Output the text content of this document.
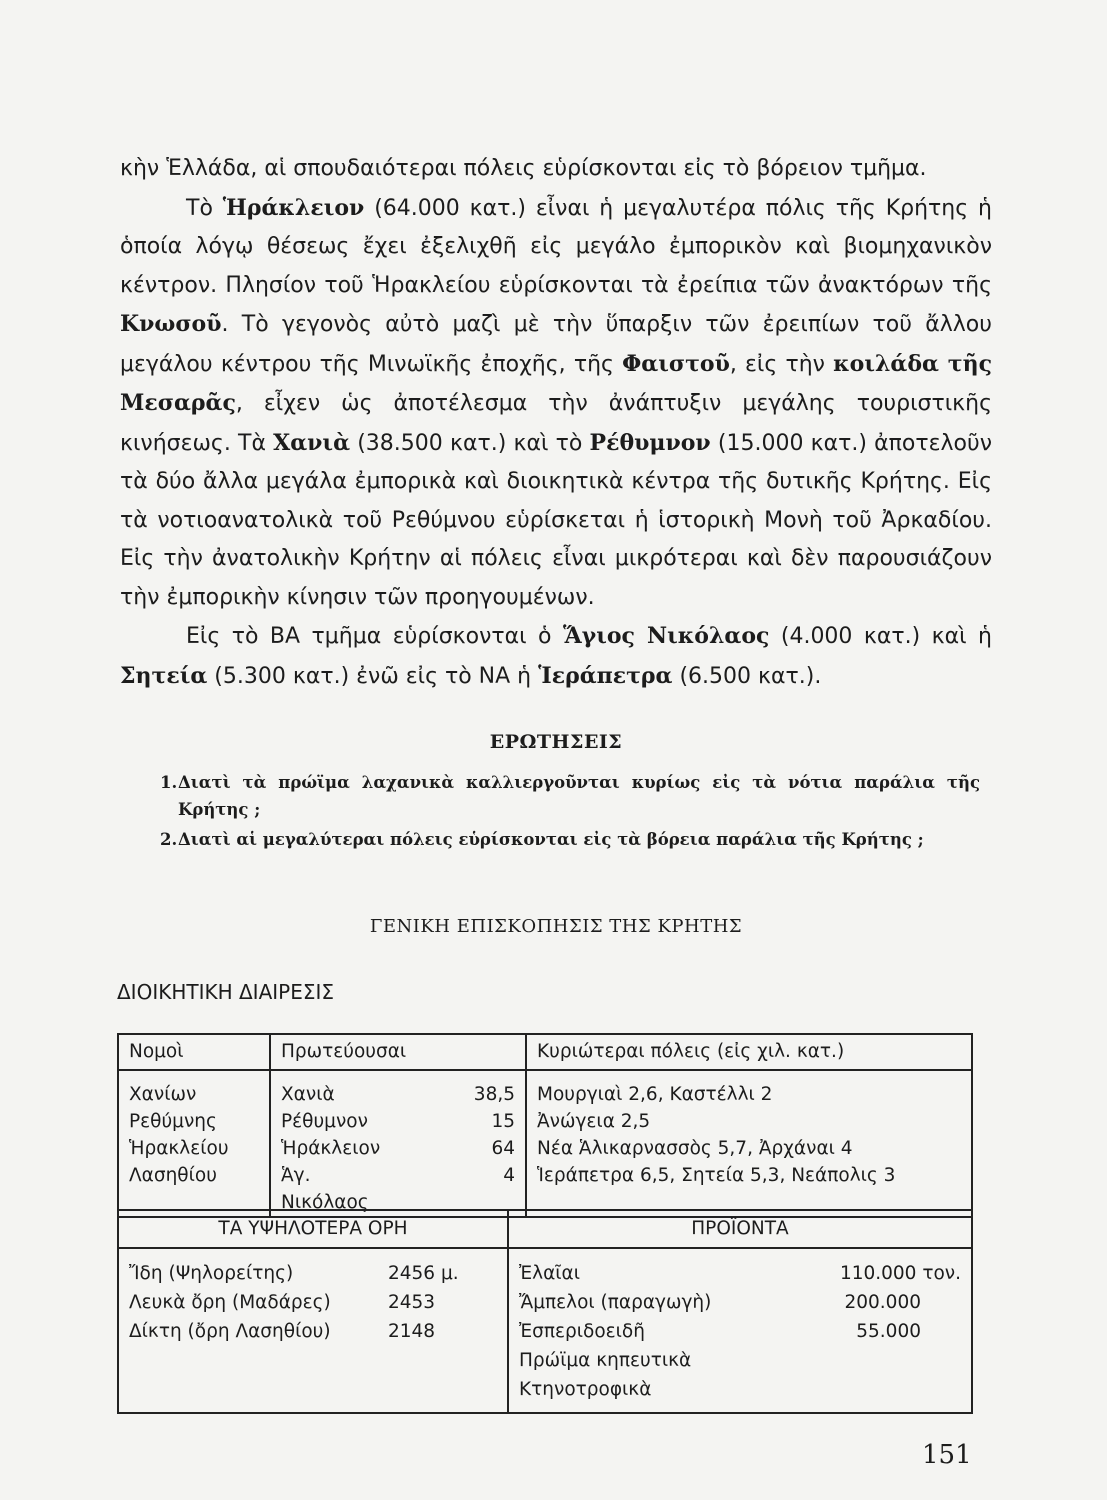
κὴν Ἑλλάδα, αἱ σπουδαιότεραι πόλεις εὑρίσκονται εἰς τὸ βόρειον τμῆμα.

Τὸ Ἡράκλειον (64.000 κατ.) εἶναι ἡ μεγαλυτέρα πόλις τῆς Κρήτης ἡ ὁποία λόγῳ θέσεως ἔχει ἐξελιχθῆ εἰς μεγάλο ἐμπορικὸν καὶ βιομηχανικὸν κέντρον. Πλησίον τοῦ Ἡρακλείου εὑρίσκονται τὰ ἐρείπια τῶν ἀνακτόρων τῆς Κνωσοῦ. Τὸ γεγονὸς αὐτὸ μαζὶ μὲ τὴν ὕπαρξιν τῶν ἐρειπίων τοῦ ἄλλου μεγάλου κέντρου τῆς Μινωϊκῆς ἐποχῆς, τῆς Φαιστοῦ, εἰς τὴν κοιλάδα τῆς Μεσαρᾶς, εἶχεν ὡς ἀποτέλεσμα τὴν ἀνάπτυξιν μεγάλης τουριστικῆς κινήσεως. Τὰ Χανιὰ (38.500 κατ.) καὶ τὸ Ρέθυμνον (15.000 κατ.) ἀποτελοῦν τὰ δύο ἄλλα μεγάλα ἐμπορικὰ καὶ διοικητικὰ κέντρα τῆς δυτικῆς Κρήτης. Εἰς τὰ νοτιοανατολικὰ τοῦ Ρεθύμνου εὑρίσκεται ἡ ἱστορικὴ Μονὴ τοῦ Ἀρκαδίου. Εἰς τὴν ἀνατολικὴν Κρήτην αἱ πόλεις εἶναι μικρότεραι καὶ δὲν παρουσιάζουν τὴν ἐμπορικὴν κίνησιν τῶν προηγουμένων.

Εἰς τὸ ΒΑ τμῆμα εὑρίσκονται ὁ Ἅγιος Νικόλαος (4.000 κατ.) καὶ ἡ Σητεία (5.300 κατ.) ἐνῶ εἰς τὸ ΝΑ ἡ Ἱεράπετρα (6.500 κατ.).

ΕΡΩΤΗΣΕΙΣ
1. Διατὶ τὰ πρώϊμα λαχανικὰ καλλιεργοῦνται κυρίως εἰς τὰ νότια παράλια τῆς Κρήτης ;
2. Διατὶ αἱ μεγαλύτεραι πόλεις εὑρίσκονται εἰς τὰ βόρεια παράλια τῆς Κρήτης ;
ΓΕΝΙΚΗ ΕΠΙΣΚΟΠΗΣΙΣ ΤΗΣ ΚΡΗΤΗΣ
ΔΙΟΙΚΗΤΙΚΗ ΔΙΑΙΡΕΣΙΣ
Νομοὶ	Πρωτεύουσαι		Κυριώτεραι πόλεις (εἰς χιλ. κατ.)
Χανίων	Χανιὰ	38,5	Μουργιαὶ 2,6, Καστέλλι 2
Ρεθύμνης	Ρέθυμνον	15	Ἀνώγεια 2,5
Ἡρακλείου	Ἡράκλειον	64	Νέα Ἁλικαρνασσὸς 5,7, Ἀρχάναι 4
Λασηθίου	Ἁγ. Νικόλαος	4	Ἱεράπετρα 6,5, Σητεία 5,3, Νεάπολις 3
ΤΑ ΥΨΗΛΟΤΕΡΑ ΟΡΗ		ΠΡΟΪΟΝΤΑ	
Ἴδη (Ψηλορείτης)	2456 μ.	Ἐλαῖαι	110.000 τον.
Λευκὰ ὄρη (Μαδάρες)	2453	Ἄμπελοι (παραγωγὴ)	200.000
Δίκτη (ὄρη Λασηθίου)	2148	Ἐσπεριδοειδῆ	55.000
		Πρώϊμα κηπευτικὰ	
		Κτηνοτροφικὰ	
151
